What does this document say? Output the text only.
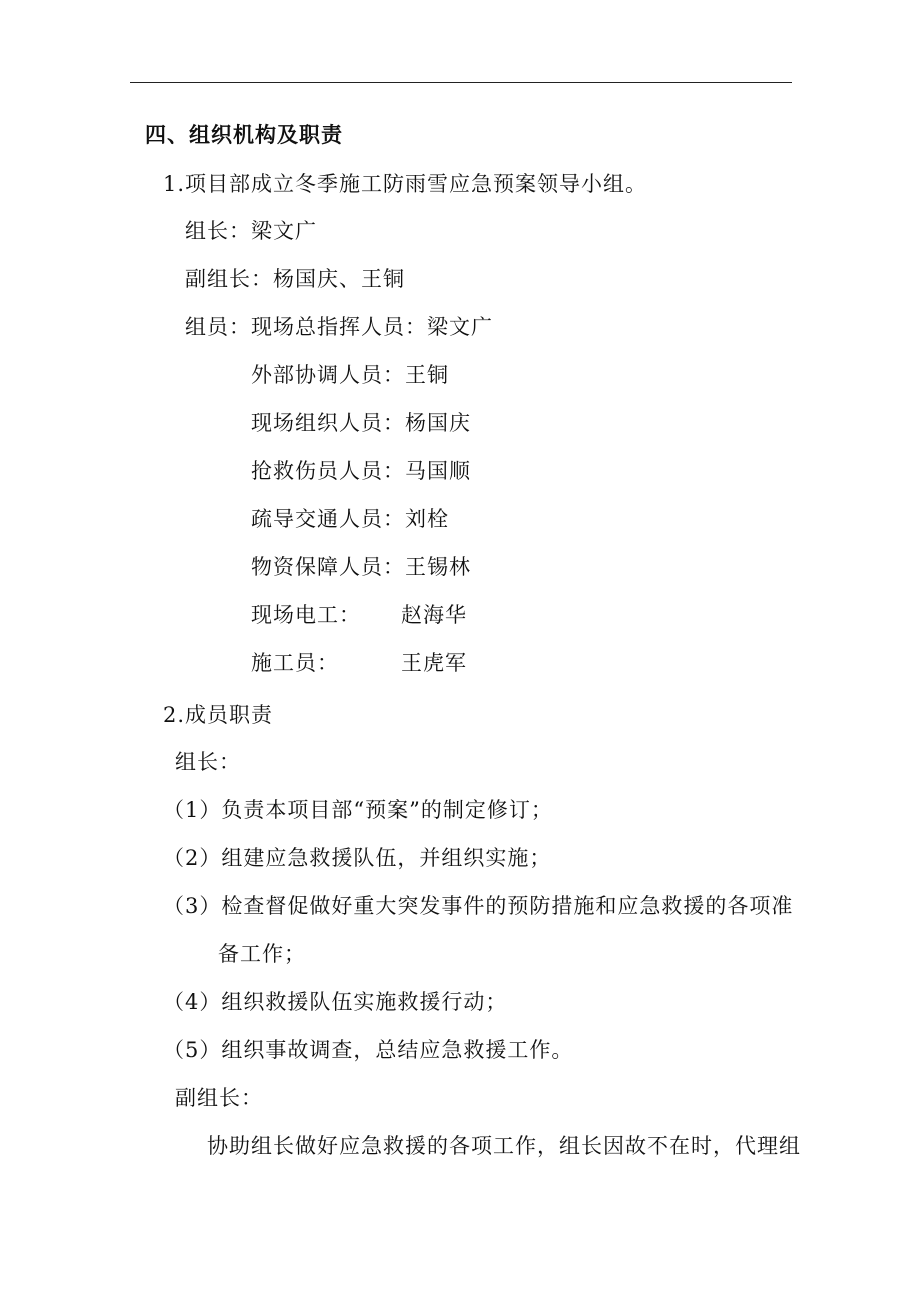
四、组织机构及职责
1.项目部成立冬季施工防雨雪应急预案领导小组。
组长：梁文广
副组长：杨国庆、王铜
组员：现场总指挥人员：梁文广
外部协调人员：王铜
现场组织人员：杨国庆
抢救伤员人员：马国顺
疏导交通人员：刘栓
物资保障人员：王锡林
现场电工： 赵海华
施工员：	王虎军
2.成员职责
组长：
（1）负责本项目部“预案”的制定修订；
（2）组建应急救援队伍，并组织实施；
（3）检查督促做好重大突发事件的预防措施和应急救援的各项准
备工作；
（4）组织救援队伍实施救援行动；
（5）组织事故调查，总结应急救援工作。
副组长：
协助组长做好应急救援的各项工作，组长因故不在时，代理组
